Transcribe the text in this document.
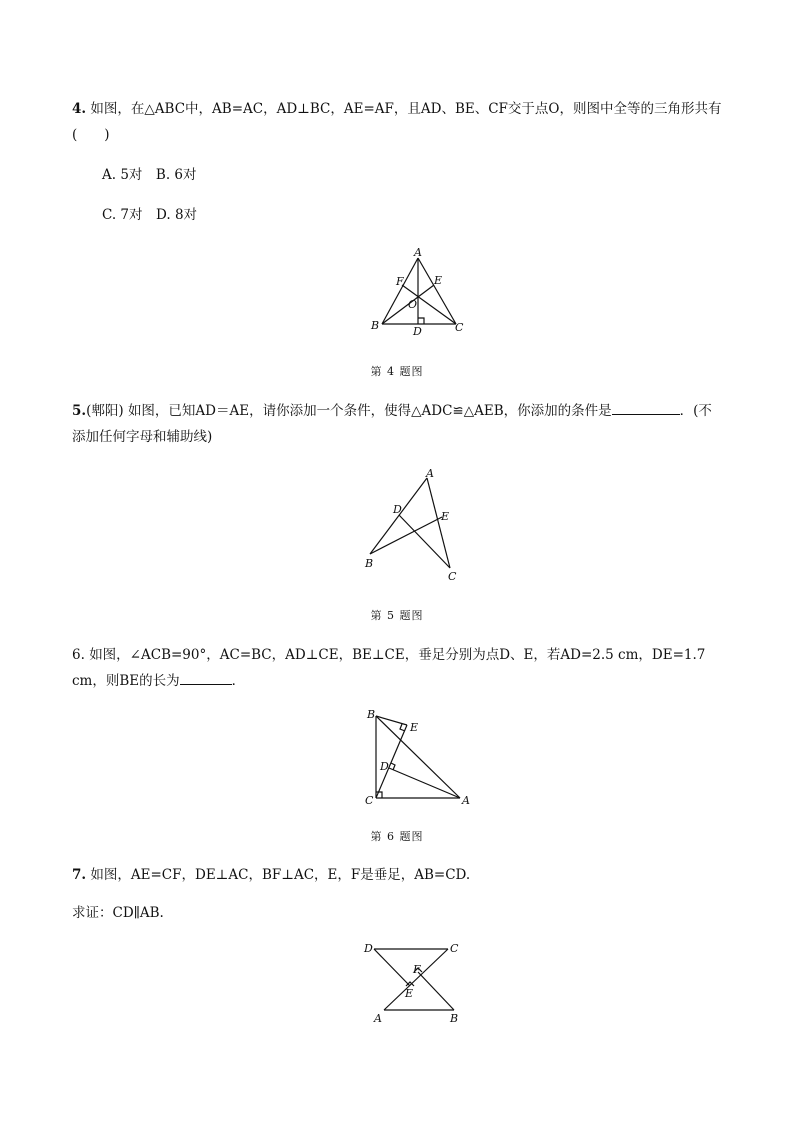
4. 如图，在△ABC中，AB=AC，AD⊥BC，AE=AF，且AD、BE、CF交于点O，则图中全等的三角形共有(　　)

A. 5对　B. 6对
C. 7对　D. 8对
A
B	C
D
E
F
O
第 4 题图

5.(郫阳) 如图，已知AD＝AE，请你添加一个条件，使得△ADC≌△AEB，你添加的条件是	．(不添加任何字母和辅助线)

A
B
C
D
E
第 5 题图

6. 如图，∠ACB=90°，AC=BC，AD⊥CE，BE⊥CE，垂足分别为点D、E，若AD=2.5 cm，DE=1.7 cm，则BE的长为	．

B
C	A
D
E
第 6 题图

7. 如图，AE=CF，DE⊥AC，BF⊥AC，E，F是垂足，AB=CD.

求证：CD∥AB.

D	C
A	B
E
F
